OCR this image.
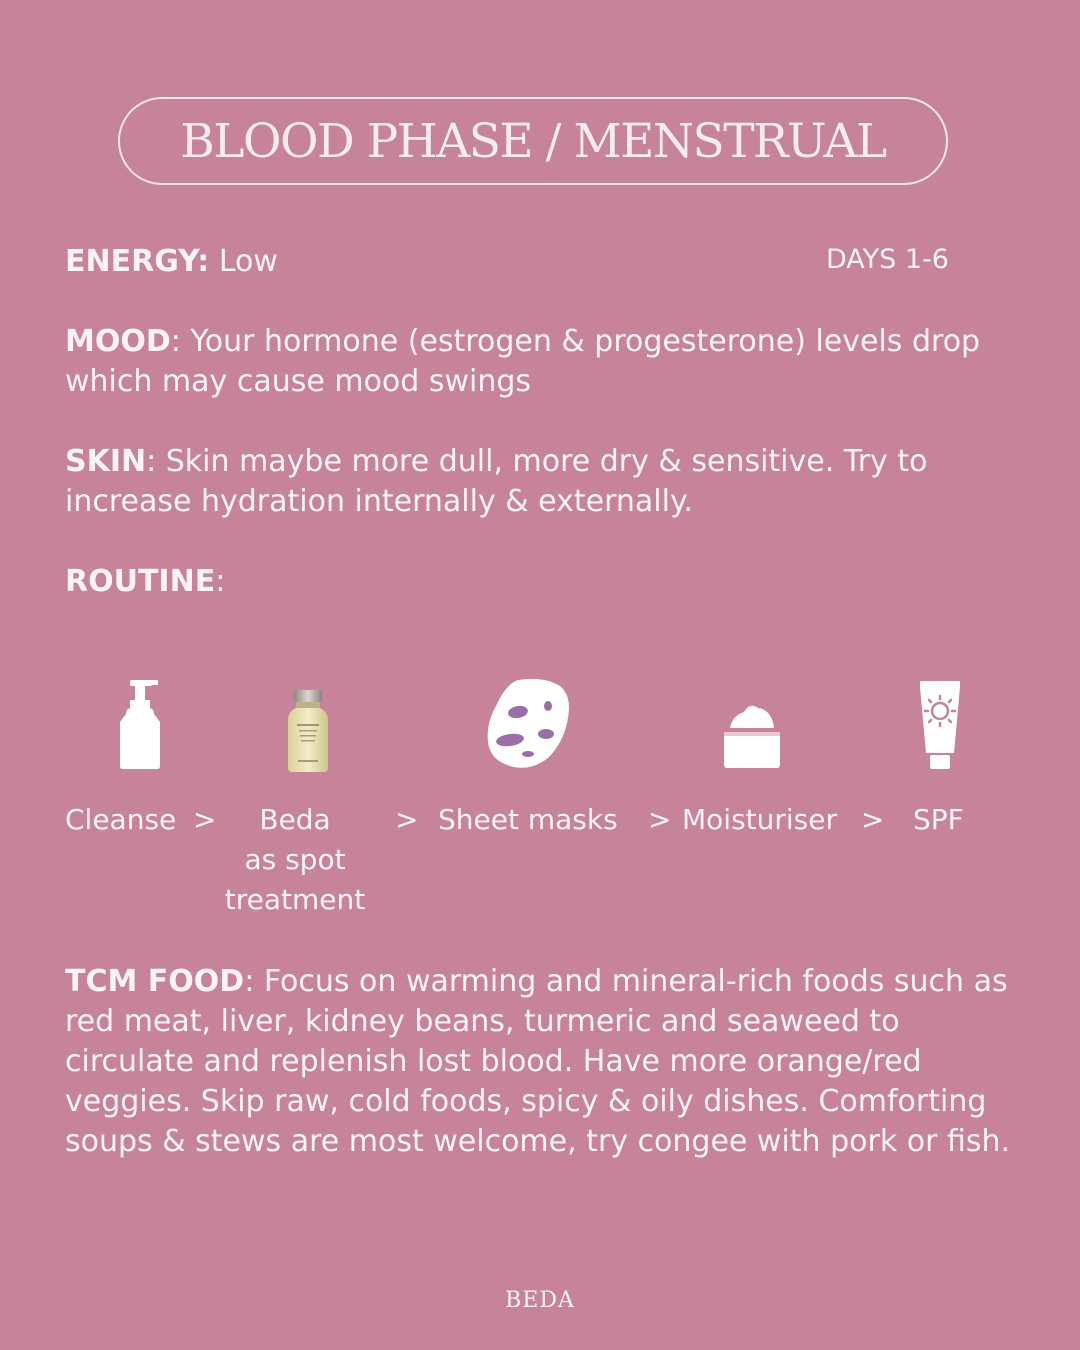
BLOOD PHASE / MENSTRUAL
ENERGY: Low	DAYS 1-6
MOOD: Your hormone (estrogen & progesterone) levels drop which may cause mood swings
SKIN: Skin maybe more dull, more dry & sensitive. Try to increase hydration internally & externally.
ROUTINE:
Cleanse >	Beda
as spot
treatment
> Sheet masks > Moisturiser > SPF
TCM FOOD: Focus on warming and mineral-rich foods such as red meat, liver, kidney beans, turmeric and seaweed to circulate and replenish lost blood. Have more orange/red veggies. Skip raw, cold foods, spicy & oily dishes. Comforting soups & stews are most welcome, try congee with pork or fish.
BEDA
